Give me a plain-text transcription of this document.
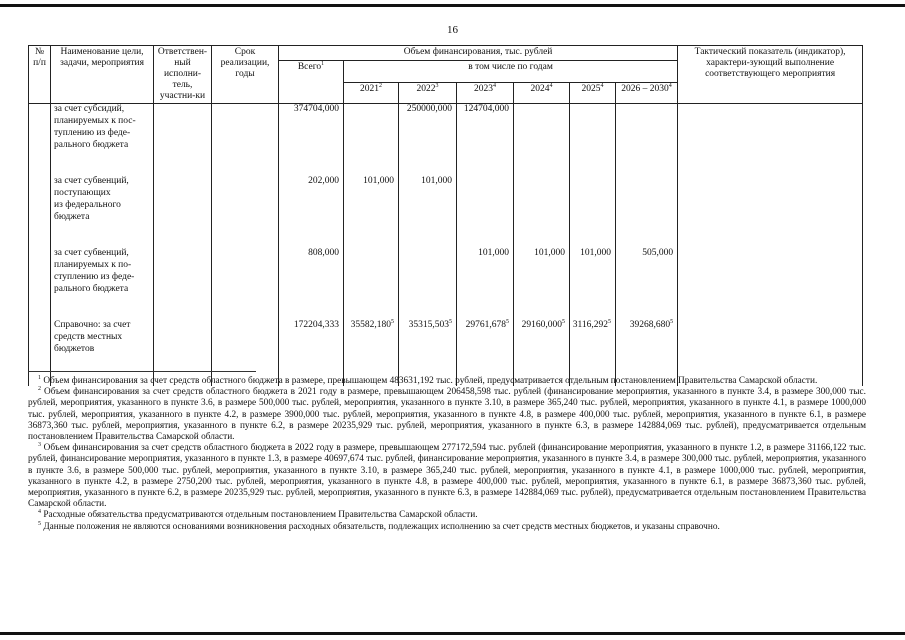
16
№ п/п	Наименование цели, задачи, мероприятия	Ответствен-ный исполни-тель, участни-ки	Срок реализации, годы	Объем финансирования, тыс. рублей							Тактический показатель (индикатор), характери-зующий выполнение соответствующего мероприятия
				Всего$^1$	в том числе по годам						
					2021$^2$	2022$^3$	2023$^4$	2024$^4$	2025$^4$	2026 – 2030$^4$
	за счет субсидий,			374704,000		250000,000	124704,000				
	планируемых к пос-										
	туплению из феде-										
	рального бюджета										

	за счет субвенций,			202,000	101,000	101,000					
	поступающих										
	из федерального										
	бюджета										

	за счет субвенций,			808,000			101,000	101,000	101,000	505,000	
	планируемых к по-										
	ступлению из феде-										
	рального бюджета										

	Справочно: за счет			172204,333	35582,180$^5$	35315,503$^5$	29761,678$^5$	29160,000$^5$	3116,292$^5$	39268,680$^5$	
	средств местных										
	бюджетов										

$^1$ Объем финансирования за счет средств областного бюджета в размере, превышающем 483631,192 тыс. рублей, предусматривается отдельным постановлением Правительства Самарской области.

$^2$ Объем финансирования за счет средств областного бюджета в 2021 году в размере, превышающем 206458,598 тыс. рублей (финансирование мероприятия, указанного в пункте 3.4, в размере 300,000 тыс. рублей, мероприятия, указанного в пункте 3.6, в размере 500,000 тыс. рублей, мероприятия, указанного в пункте 3.10, в размере 365,240 тыс. рублей, мероприятия, указанного в пункте 4.1, в размере 1000,000 тыс. рублей, мероприятия, указанного в пункте 4.2, в размере 3900,000 тыс. рублей, мероприятия, указанного в пункте 4.8, в размере 400,000 тыс. рублей, мероприятия, указанного в пункте 6.1, в размере 36873,360 тыс. рублей, мероприятия, указанного в пункте 6.2, в размере 20235,929 тыс. рублей, мероприятия, указанного в пункте 6.3, в размере 142884,069 тыс. рублей), предусматривается отдельным постановлением Правительства Самарской области.

$^3$ Объем финансирования за счет средств областного бюджета в 2022 году в размере, превышающем 277172,594 тыс. рублей (финансирование мероприятия, указанного в пункте 1.2, в размере 31166,122 тыс. рублей, финансирование мероприятия, указанного в пункте 1.3, в размере 40697,674 тыс. рублей, финансирование мероприятия, указанного в пункте 3.4, в размере 300,000 тыс. рублей, мероприятия, указанного в пункте 3.6, в размере 500,000 тыс. рублей, мероприятия, указанного в пункте 3.10, в размере 365,240 тыс. рублей, мероприятия, указанного в пункте 4.1, в размере 1000,000 тыс. рублей, мероприятия, указанного в пункте 4.2, в размере 2750,200 тыс. рублей, мероприятия, указанного в пункте 4.8, в размере 400,000 тыс. рублей, мероприятия, указанного в пункте 6.1, в размере 36873,360 тыс. рублей, мероприятия, указанного в пункте 6.2, в размере 20235,929 тыс. рублей, мероприятия, указанного в пункте 6.3, в размере 142884,069 тыс. рублей), предусматривается отдельным постановлением Правительства Самарской области.

$^4$ Расходные обязательства предусматриваются отдельным постановлением Правительства Самарской области.

$^5$ Данные положения не являются основаниями возникновения расходных обязательств, подлежащих исполнению за счет средств местных бюджетов, и указаны справочно.
